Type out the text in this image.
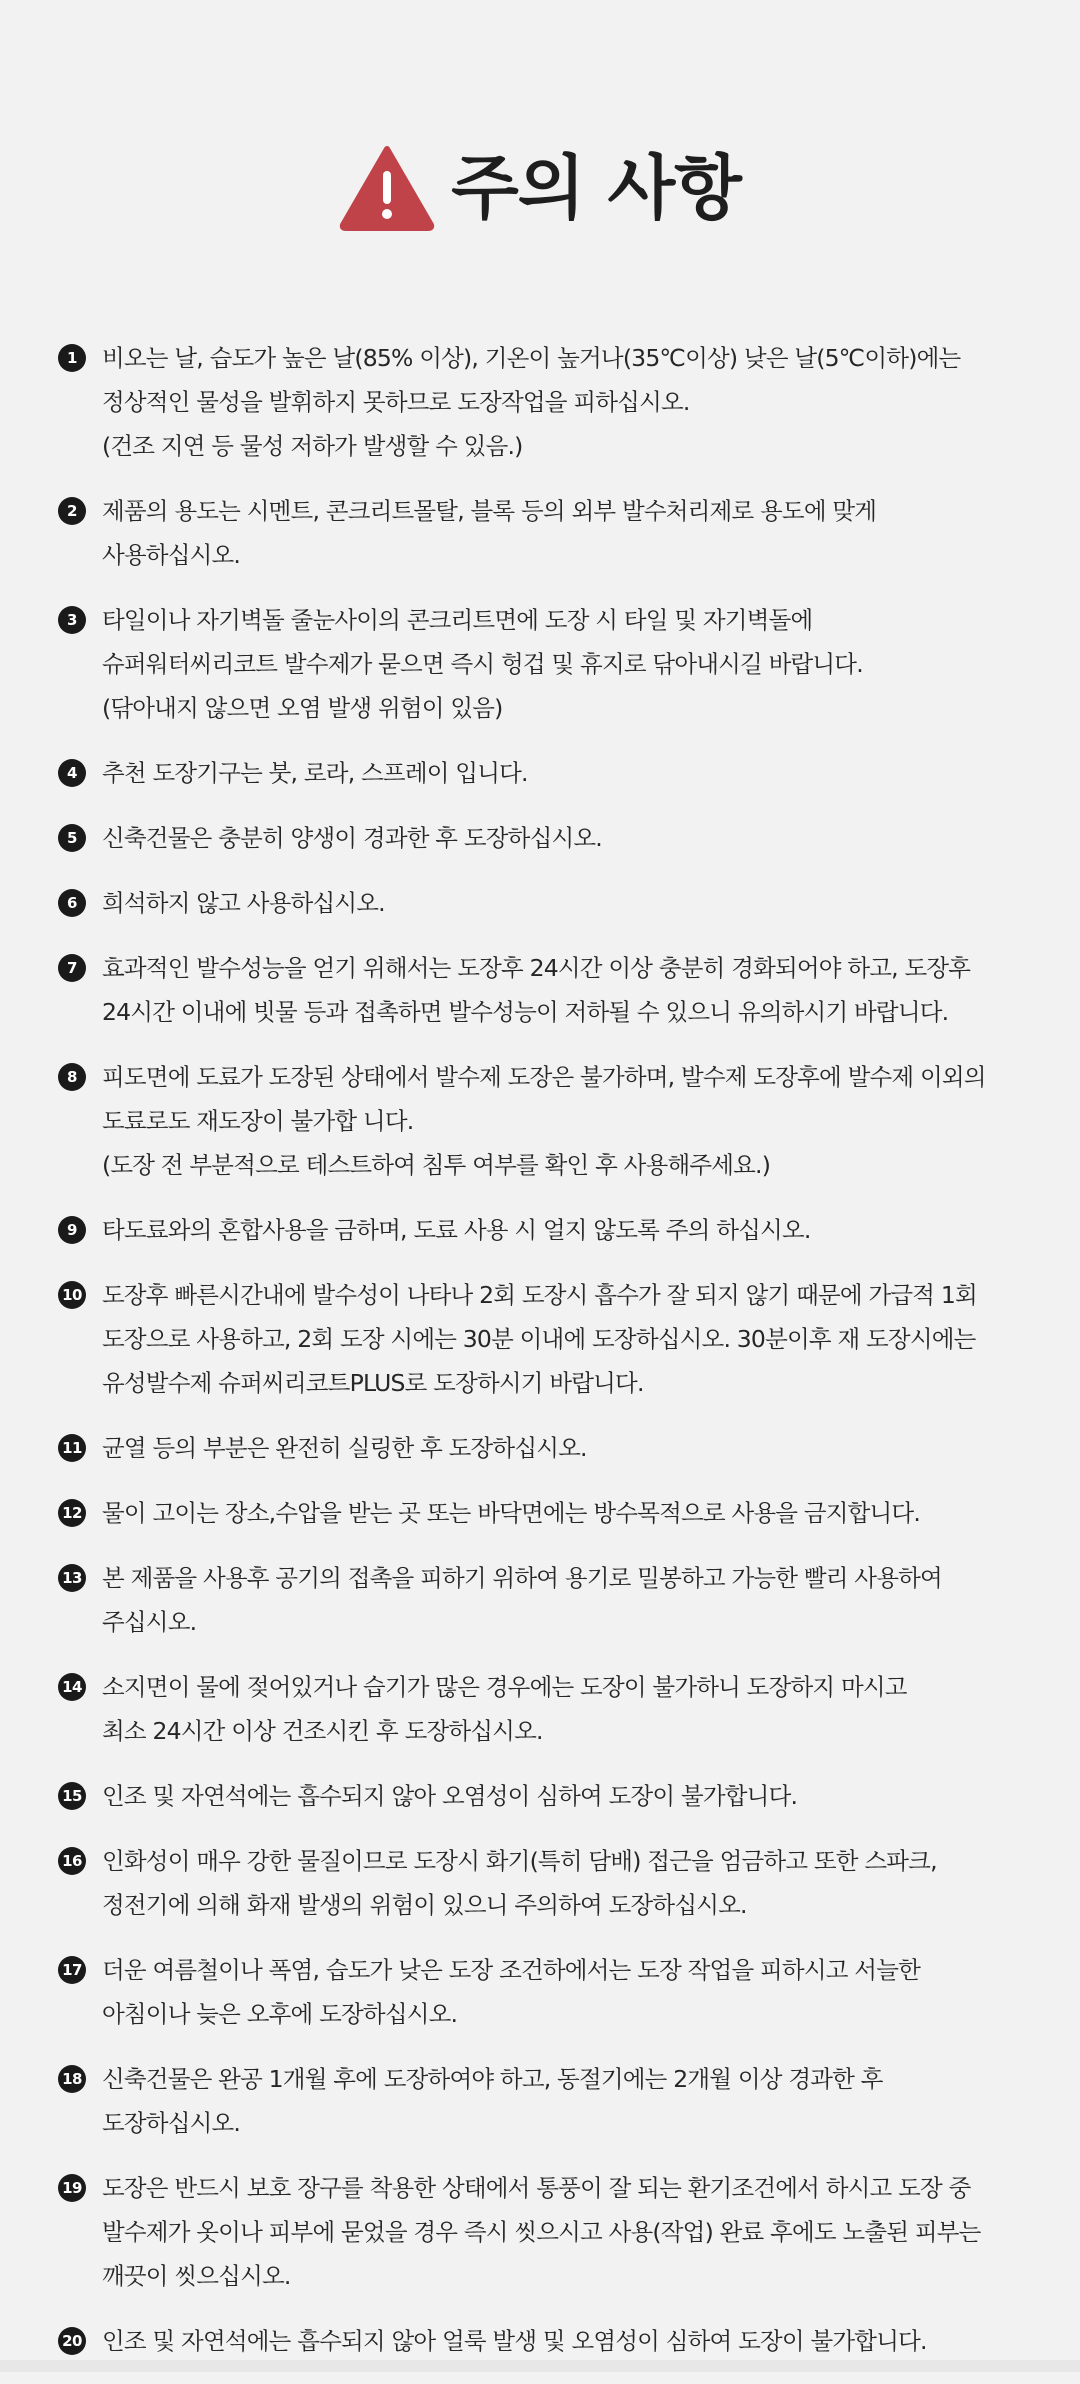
주의 사항
1	비오는 날, 습도가 높은 날(85% 이상), 기온이 높거나(35℃이상) 낮은 날(5℃이하)에는
정상적인 물성을 발휘하지 못하므로 도장작업을 피하십시오.
(건조 지연 등 물성 저하가 발생할 수 있음.)
2	제품의 용도는 시멘트, 콘크리트몰탈, 블록 등의 외부 발수처리제로 용도에 맞게
사용하십시오.
3	타일이나 자기벽돌 줄눈사이의 콘크리트면에 도장 시 타일 및 자기벽돌에
슈퍼워터씨리코트 발수제가 묻으면 즉시 헝겁 및 휴지로 닦아내시길 바랍니다.
(닦아내지 않으면 오염 발생 위험이 있음)
4	추천 도장기구는 붓, 로라, 스프레이 입니다.
5	신축건물은 충분히 양생이 경과한 후 도장하십시오.
6	희석하지 않고 사용하십시오.
7	효과적인 발수성능을 얻기 위해서는 도장후 24시간 이상 충분히 경화되어야 하고, 도장후
24시간 이내에 빗물 등과 접촉하면 발수성능이 저하될 수 있으니 유의하시기 바랍니다.
8	피도면에 도료가 도장된 상태에서 발수제 도장은 불가하며, 발수제 도장후에 발수제 이외의
도료로도 재도장이 불가합 니다.
(도장 전 부분적으로 테스트하여 침투 여부를 확인 후 사용해주세요.)
9	타도료와의 혼합사용을 금하며, 도료 사용 시 얼지 않도록 주의 하십시오.
10 도장후 빠른시간내에 발수성이 나타나 2회 도장시 흡수가 잘 되지 않기 때문에 가급적 1회
도장으로 사용하고, 2회 도장 시에는 30분 이내에 도장하십시오. 30분이후 재 도장시에는
유성발수제 슈퍼씨리코트PLUS로 도장하시기 바랍니다.
11 균열 등의 부분은 완전히 실링한 후 도장하십시오.
12 물이 고이는 장소,수압을 받는 곳 또는 바닥면에는 방수목적으로 사용을 금지합니다.
13 본 제품을 사용후 공기의 접촉을 피하기 위하여 용기로 밀봉하고 가능한 빨리 사용하여
주십시오.
14 소지면이 물에 젖어있거나 습기가 많은 경우에는 도장이 불가하니 도장하지 마시고
최소 24시간 이상 건조시킨 후 도장하십시오.
15 인조 및 자연석에는 흡수되지 않아 오염성이 심하여 도장이 불가합니다.
16 인화성이 매우 강한 물질이므로 도장시 화기(특히 담배) 접근을 엄금하고 또한 스파크,
정전기에 의해 화재 발생의 위험이 있으니 주의하여 도장하십시오.
17 더운 여름철이나 폭염, 습도가 낮은 도장 조건하에서는 도장 작업을 피하시고 서늘한
아침이나 늦은 오후에 도장하십시오.
18 신축건물은 완공 1개월 후에 도장하여야 하고, 동절기에는 2개월 이상 경과한 후
도장하십시오.
19 도장은 반드시 보호 장구를 착용한 상태에서 통풍이 잘 되는 환기조건에서 하시고 도장 중
발수제가 옷이나 피부에 묻었을 경우 즉시 씻으시고 사용(작업) 완료 후에도 노출된 피부는
깨끗이 씻으십시오.
20 인조 및 자연석에는 흡수되지 않아 얼룩 발생 및 오염성이 심하여 도장이 불가합니다.
